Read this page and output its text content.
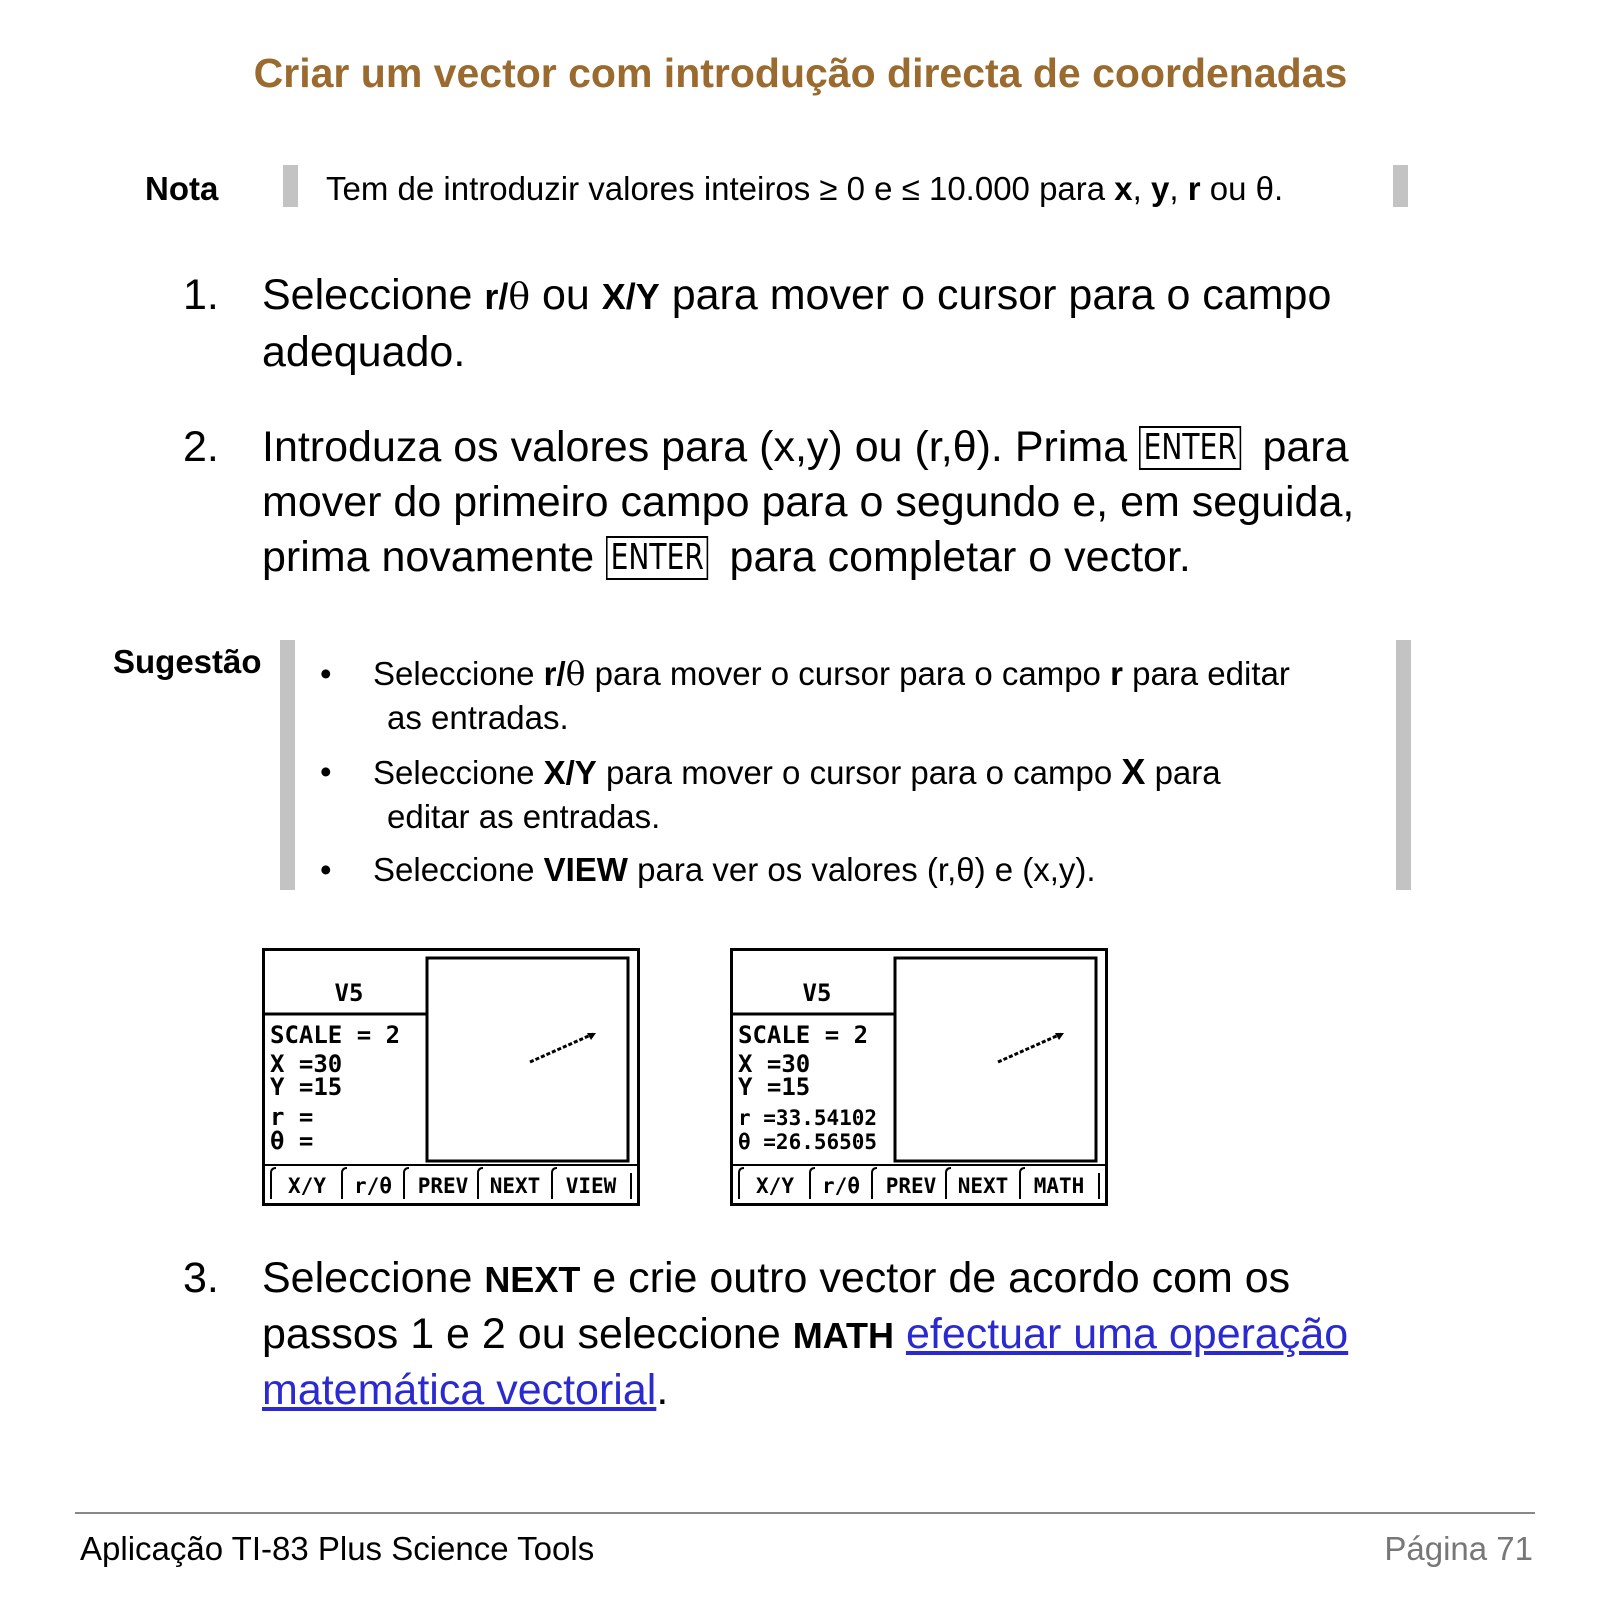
Criar um vector com introdução directa de coordenadas
Nota	Tem de introduzir valores inteiros ≥ 0 e ≤ 10.000 para x, y, r ou θ.
1. Seleccione r/θ ou X/Y para mover o cursor para o campo adequado.
2. Introduza os valores para (x,y) ou (r,θ). Prima ENTER para mover do primeiro campo para o segundo e, em seguida, prima novamente ENTER para completar o vector.
Sugestão • Seleccione r/θ para mover o cursor para o campo r para editar
as entradas.
• Seleccione X/Y para mover o cursor para o campo X para
editar as entradas.
• Seleccione VIEW para ver os valores (r,θ) e (x,y).
V5
SCALE = 2
X =30
Y =15
r =
θ =
X/Y r/θ PREV NEXT VIEW
V5
SCALE = 2
X =30
Y =15
r =33.54102
θ =26.56505
X/Y r/θ PREV NEXT MATH
3. Seleccione NEXT e crie outro vector de acordo com os passos 1 e 2 ou seleccione MATH efectuar uma operação matemática vectorial.
Aplicação TI-83 Plus Science Tools	Página 71
